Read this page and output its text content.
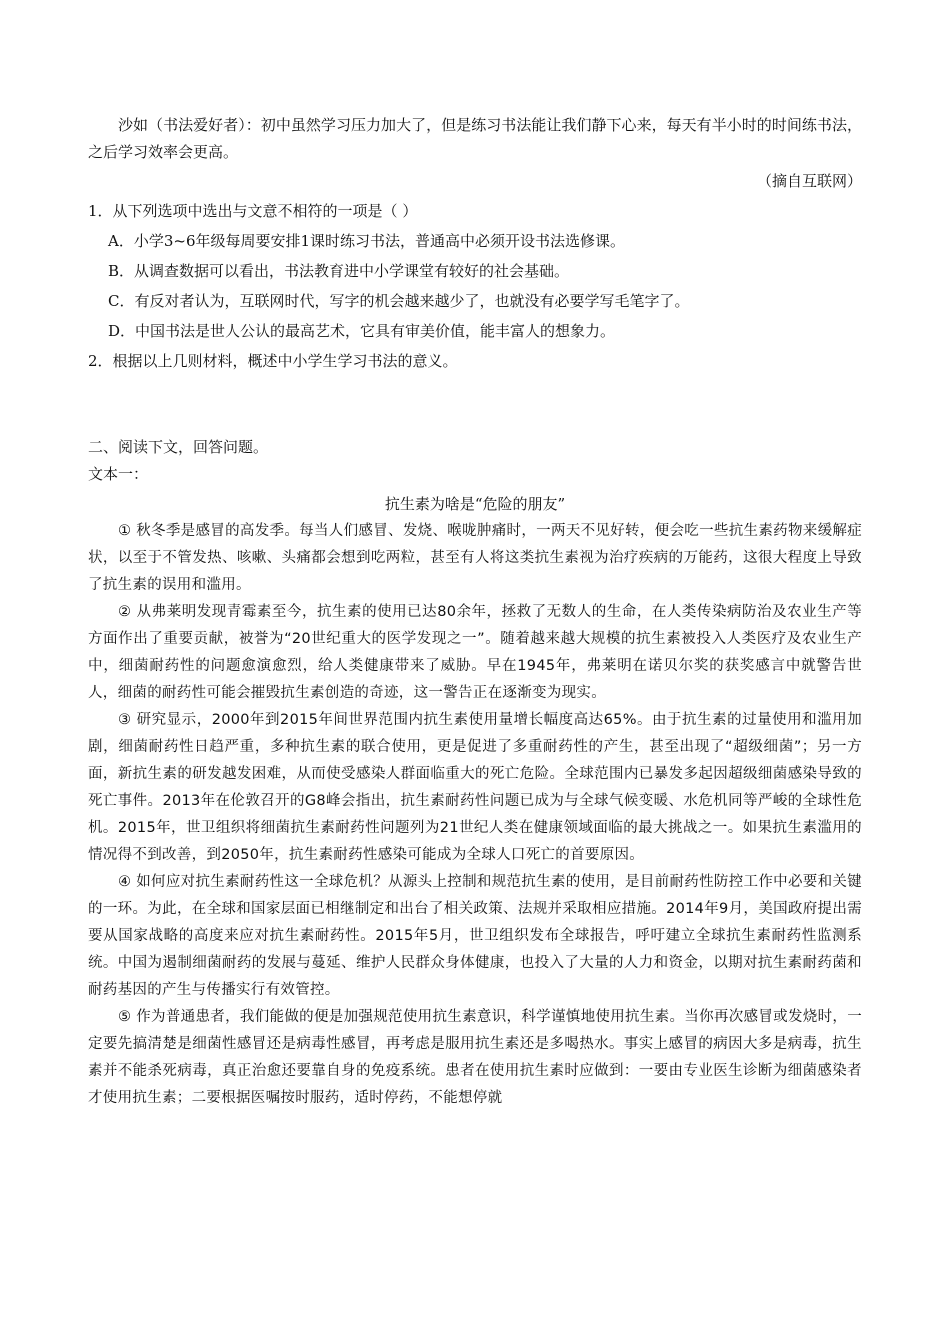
沙如（书法爱好者）：初中虽然学习压力加大了，但是练习书法能让我们静下心来，每天有半小时的时间练书法，之后学习效率会更高。

（摘自互联网）

1．从下列选项中选出与文意不相符的一项是（ ）

A．小学3~6年级每周要安排1课时练习书法，普通高中必须开设书法选修课。

B．从调查数据可以看出，书法教育进中小学课堂有较好的社会基础。

C．有反对者认为，互联网时代，写字的机会越来越少了，也就没有必要学写毛笔字了。

D．中国书法是世人公认的最高艺术，它具有审美价值，能丰富人的想象力。

2．根据以上几则材料，概述中小学生学习书法的意义。

二、阅读下文，回答问题。

文本一：

抗生素为啥是“危险的朋友”

① 秋冬季是感冒的高发季。每当人们感冒、发烧、喉咙肿痛时，一两天不见好转，便会吃一些抗生素药物来缓解症状，以至于不管发热、咳嗽、头痛都会想到吃两粒，甚至有人将这类抗生素视为治疗疾病的万能药，这很大程度上导致了抗生素的误用和滥用。

② 从弗莱明发现青霉素至今，抗生素的使用已达80余年，拯救了无数人的生命，在人类传染病防治及农业生产等方面作出了重要贡献，被誉为“20世纪重大的医学发现之一”。随着越来越大规模的抗生素被投入人类医疗及农业生产中，细菌耐药性的问题愈演愈烈，给人类健康带来了威胁。早在1945年，弗莱明在诺贝尔奖的获奖感言中就警告世人，细菌的耐药性可能会摧毁抗生素创造的奇迹，这一警告正在逐渐变为现实。

③ 研究显示，2000年到2015年间世界范围内抗生素使用量增长幅度高达65%。由于抗生素的过量使用和滥用加剧，细菌耐药性日趋严重，多种抗生素的联合使用，更是促进了多重耐药性的产生，甚至出现了“超级细菌”；另一方面，新抗生素的研发越发困难，从而使受感染人群面临重大的死亡危险。全球范围内已暴发多起因超级细菌感染导致的死亡事件。2013年在伦敦召开的G8峰会指出，抗生素耐药性问题已成为与全球气候变暖、水危机同等严峻的全球性危机。2015年，世卫组织将细菌抗生素耐药性问题列为21世纪人类在健康领域面临的最大挑战之一。如果抗生素滥用的情况得不到改善，到2050年，抗生素耐药性感染可能成为全球人口死亡的首要原因。

④ 如何应对抗生素耐药性这一全球危机？从源头上控制和规范抗生素的使用，是目前耐药性防控工作中必要和关键的一环。为此，在全球和国家层面已相继制定和出台了相关政策、法规并采取相应措施。2014年9月，美国政府提出需要从国家战略的高度来应对抗生素耐药性。2015年5月，世卫组织发布全球报告，呼吁建立全球抗生素耐药性监测系统。中国为遏制细菌耐药的发展与蔓延、维护人民群众身体健康，也投入了大量的人力和资金，以期对抗生素耐药菌和耐药基因的产生与传播实行有效管控。

⑤ 作为普通患者，我们能做的便是加强规范使用抗生素意识，科学谨慎地使用抗生素。当你再次感冒或发烧时，一定要先搞清楚是细菌性感冒还是病毒性感冒，再考虑是服用抗生素还是多喝热水。事实上感冒的病因大多是病毒，抗生素并不能杀死病毒，真正治愈还要靠自身的免疫系统。患者在使用抗生素时应做到：一要由专业医生诊断为细菌感染者才使用抗生素；二要根据医嘱按时服药，适时停药，不能想停就
